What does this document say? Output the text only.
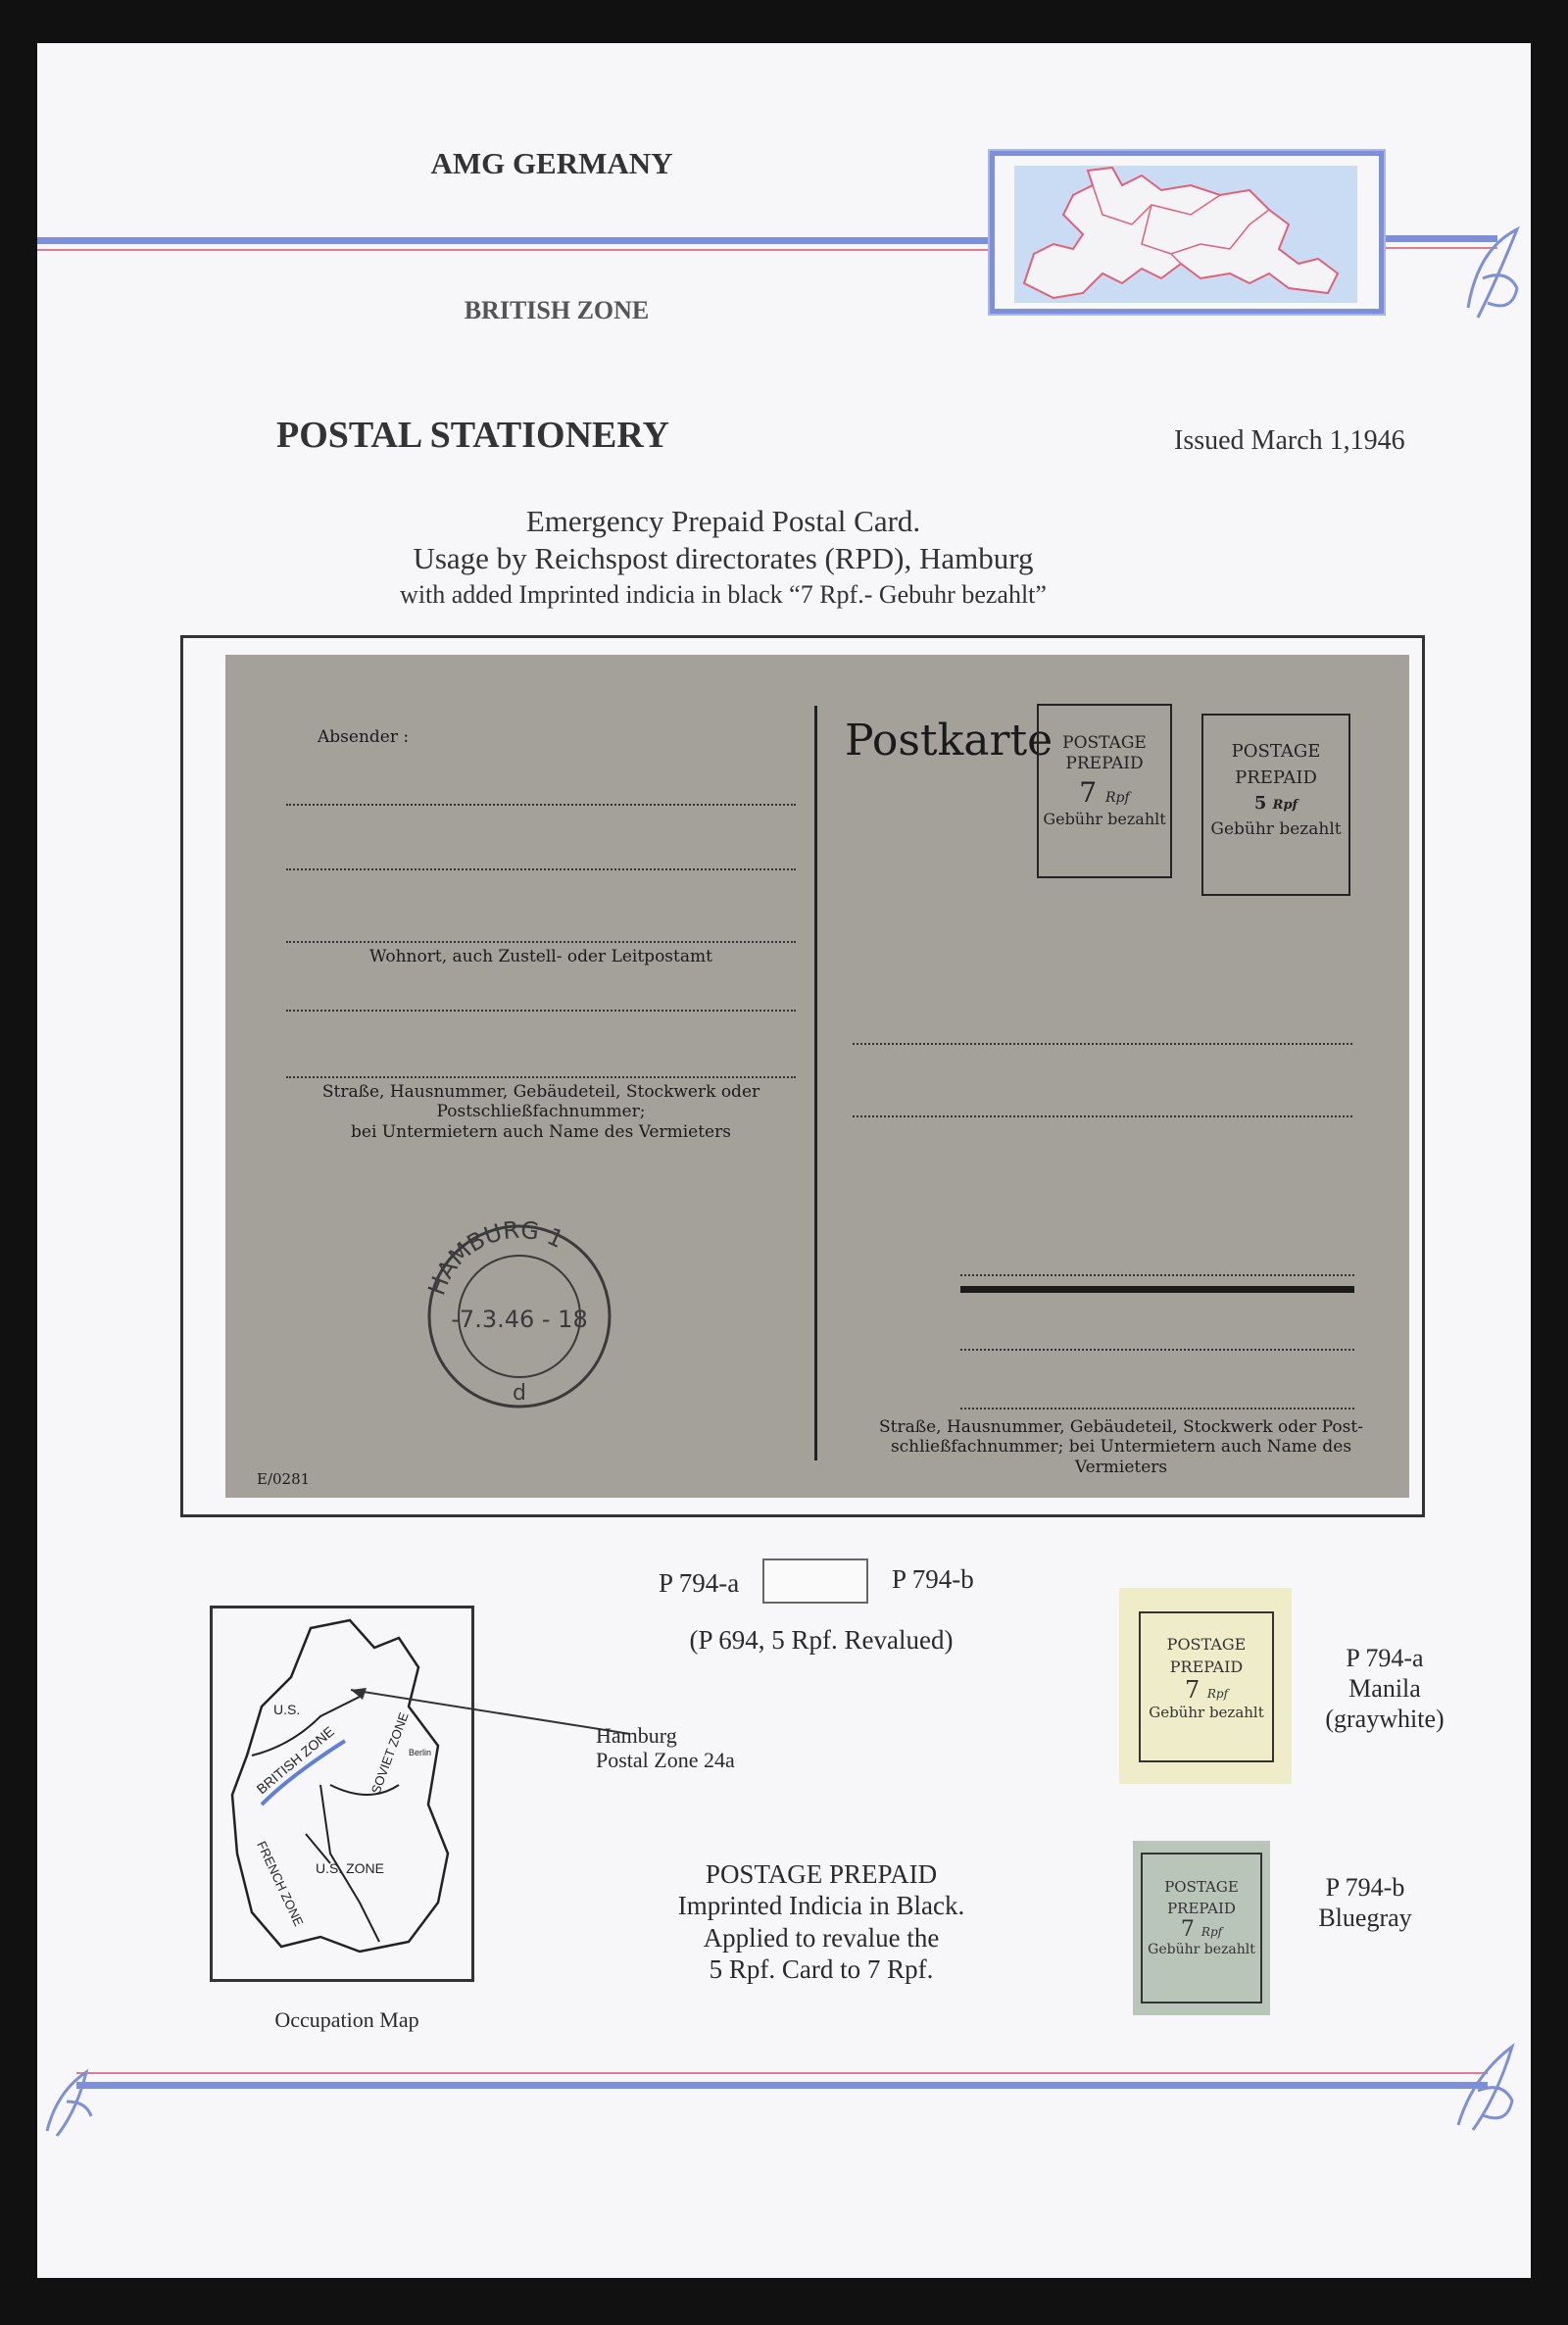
AMG GERMANY
BRITISH ZONE
POSTAL STATIONERY	Issued March 1,1946
Emergency Prepaid Postal Card.
Usage by Reichspost directorates (RPD), Hamburg
with added Imprinted indicia in black “7 Rpf.- Gebuhr bezahlt”
Absender :
Wohnort, auch Zustell- oder Leitpostamt
Straße, Hausnummer, Gebäudeteil, Stockwerk oder
Postschließfachnummer;
bei Untermietern auch Name des Vermieters
HAMBURG 1
-7.3.46 - 18
d
E/0281
Postkarte POSTAGE
PREPAID
7 Rpf
Gebühr bezahlt
POSTAGE
PREPAID
5 Rpf
Gebühr bezahlt
Straße, Hausnummer, Gebäudeteil, Stockwerk oder Post-
schließfachnummer; bei Untermietern auch Name des Vermieters
P 794-a	P 794-b
(P 694, 5 Rpf. Revalued)
U.S.
BRITISH ZONE SOVIET ZONE
Berlin
FRENCH ZONE U.S. ZONE
Hamburg
Postal Zone 24a
Occupation Map
POSTAGE PREPAID
Imprinted Indicia in Black.
Applied to revalue the
5 Rpf. Card to 7 Rpf.
POSTAGE
PREPAID
7 Rpf
Gebühr bezahlt
P 794-a
Manila
(graywhite)
POSTAGE
PREPAID
7 Rpf
Gebühr bezahlt
P 794-b
Bluegray
